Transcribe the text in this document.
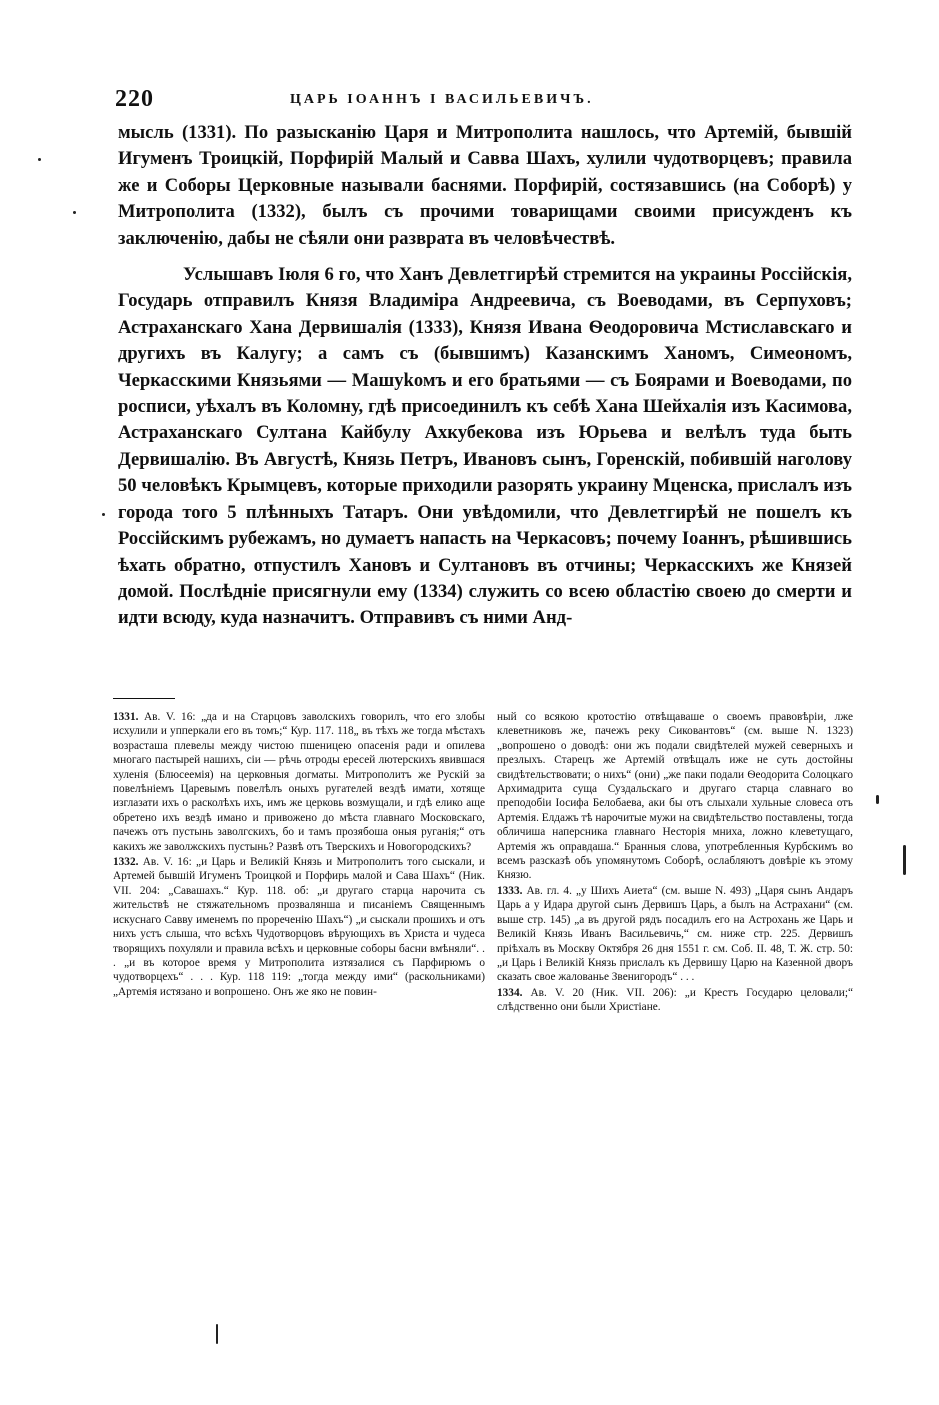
220	ЦАРЬ ІОАННЪ І ВАСИЛЬЕВИЧЪ.

мысль (1331). По разысканію Царя и Митрополита нашлось, что Артемій, бывшій Игуменъ Троицкій, Порфирій Малый и Савва Шахъ, хулили чудотворцевъ; правила же и Соборы Церковные называли баснями. Порфирій, состязавшись (на Соборѣ) у Митрополита (1332), былъ съ прочими товарищами своими присужденъ къ заключенію, дабы не сѣяли они разврата въ человѣчествѣ.

Услышавъ Іюля 6 го, что Ханъ Девлетгирѣй стремится на украины Россійскія, Государь отправилъ Князя Владиміра Андреевича, съ Воеводами, въ Серпуховъ; Астраханскаго Хана Дервишалія (1333), Князя Ивана Ѳеодоровича Мстиславскаго и другихъ въ Калугу; а самъ съ (бывшимъ) Казанскимъ Ханомъ, Симеономъ, Черкасскими Князьями — Машуkомъ и его братьями — съ Боярами и Воеводами, по росписи, уѣхалъ въ Коломну, гдѣ присоединилъ къ себѣ Хана Шейхалія изъ Касимова, Астраханскаго Султана Кайбулу Ахкубекова изъ Юрьева и велѣлъ туда быть Дервишалію. Въ Августѣ, Князь Петръ, Ивановъ сынъ, Горенскій, побившій наголову 50 человѣкъ Крымцевъ, которые приходили разорять украину Мценска, прислалъ изъ города того 5 плѣнныхъ Татаръ. Они увѣдомили, что Девлетгирѣй не пошелъ къ Россійскимъ рубежамъ, но думаетъ напасть на Черкасовъ; почему Іоаннъ, рѣшившись ѣхать обратно, отпустилъ Хановъ и Султановъ въ отчины; Черкасскихъ же Князей домой. Послѣдніе присягнули ему (1334) служить со всею областію своею до смерти и идти всюду, куда назначитъ. Отправивъ съ ними Анд-

1331. Ав. V. 16: „да и на Старцовъ заволскихъ говорилъ, что его злобы исхулили и упперкали его въ томъ;“ Кур. 117. 118„ въ тѣхъ же тогда мѣстахъ возрасташа плевелы между чистою пшеницею опасенія ради и опилева многаго пастырей нашихъ, сіи — рѣчь отроды ересей лютерскихъ явившася хуленія (Блюсеемія) на церковныя догматы. Митрополитъ же Рускій за повелѣніемъ Царевымъ повелѣлъ оныхъ ругателей вездѣ имати, хотяще изглазати ихъ о расколѣхъ ихъ, имъ же церковь возмущали, и гдѣ елико аще обретено ихъ вездѣ имано и привожено до мѣста главнаго Московскаго, пачежъ отъ пустынь заволгскихъ, бо и тамъ прозябоша оныя руганія;“ отъ какихъ же заволжскихъ пустынь? Развѣ отъ Тверскихъ и Новогородскихъ?

1332. Ав. V. 16: „и Царь и Великій Князь и Митрополитъ того сыскали, и Артемей бывшій Игуменъ Троицкой и Порфирь малой и Сава Шахъ“ (Ник. VII. 204: „Савашахъ.“ Кур. 118. об: „и другаго старца нарочита съ жительствѣ не стяжательномъ прозвалянша и писаніемъ Священнымъ искуснаго Савву именемъ по прореченію Шахъ“) „и сыскали прошихъ и отъ нихъ устъ слыша, что всѣхъ Чудотворцовъ вѣрующихъ въ Христа и чудеса творящихъ похуляли и правила всѣхъ и церковные соборы басни вмѣняли“. . . „и въ которое время у Митрополита изтязалися съ Парфирюмъ о чудотворцехъ“ . . . Кур. 118 119: „тогда между ими“ (раскольниками) „Артемія истязано и вопрошено. Онъ же яко не повин-

ный со всякою кротостію отвѣщаваше о своемъ правовѣріи, лже клеветниковъ же, пачежъ реку Сиковантовъ“ (см. выше N. 1323) „вопрошено о доводѣ: они жъ подали свидѣтелей мужей северныхъ и презлыхъ. Старецъ же Артемій отвѣщалъ иже не суть достойны свидѣтельствовати; о нихъ“ (они) „же паки подали Ѳеодорита Солоцкаго Архимадрита суща Суздальскаго и другаго старца славнаго во преподобіи Іосифа Белобаева, аки бы отъ слыхали хульные словеса отъ Артемія. Елдажъ тѣ нарочитые мужи на свидѣтельство поставлены, тогда обличиша наперсника главнаго Несторія мниха, ложно клеветущаго, Артемія жъ оправдаша.“ Бранныя слова, употребленныя Курбскимъ во всемъ разсказѣ объ упомянутомъ Соборѣ, ослабляютъ довѣріе къ этому Князю.

1333. Ав. гл. 4. „у Шихъ Аиета“ (см. выше N. 493) „Царя сынъ Андаръ Царь а у Идара другой сынъ Дервишъ Царь, а былъ на Астрахани“ (см. выше стр. 145) „а въ другой рядъ посадилъ его на Астрохань же Царь и Великій Князь Иванъ Васильевичь,“ см. ниже стр. 225. Дервишъ пріѣхалъ въ Москву Октября 26 дня 1551 г. см. Соб. II. 48, Т. Ж. стр. 50: „и Царь і Великій Князь прислалъ къ Дервишу Царю на Казенной дворъ сказать свое жалованье Звенигородъ“ . . .

1334. Ав. V. 20 (Ник. VII. 206): „и Крестъ Государю целовали;“ слѣдственно они были Христіане.
